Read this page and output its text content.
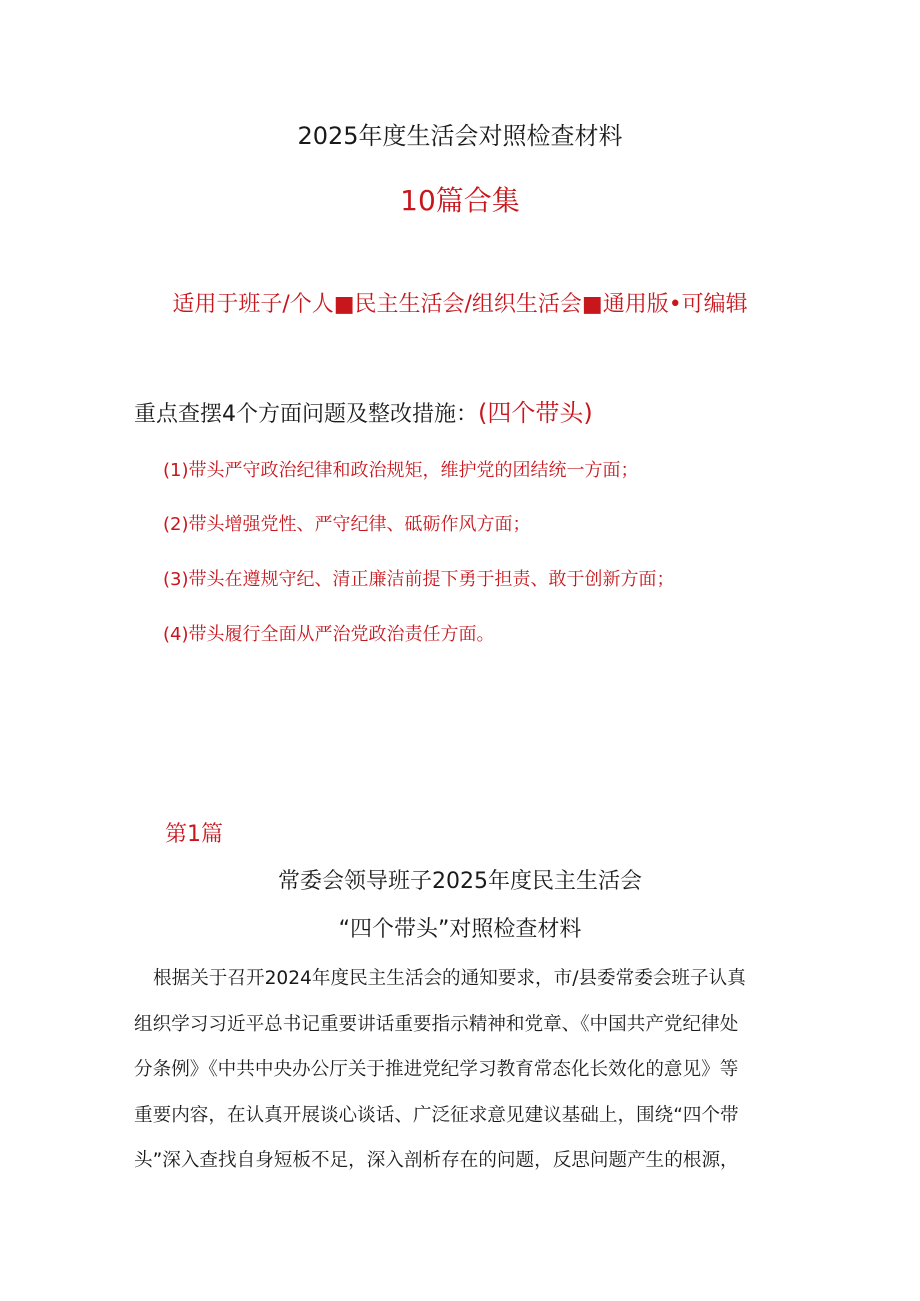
2025年度生活会对照检查材料
10篇合集
适用于班子/个人■民主生活会/组织生活会■通用版•可编辑
重点查摆4个方面问题及整改措施：(四个带头)
(1)带头严守政治纪律和政治规矩，维护党的团结统一方面；
(2)带头增强党性、严守纪律、砥砺作风方面；
(3)带头在遵规守纪、清正廉洁前提下勇于担责、敢于创新方面；
(4)带头履行全面从严治党政治责任方面。
第1篇
常委会领导班子2025年度民主生活会
“四个带头”对照检查材料

根据关于召开2024年度民主生活会的通知要求，市/县委常委会班子认真

组织学习习近平总书记重要讲话重要指示精神和党章、《中国共产党纪律处

分条例》《中共中央办公厅关于推进党纪学习教育常态化长效化的意见》等

重要内容，在认真开展谈心谈话、广泛征求意见建议基础上，围绕“四个带

头”深入查找自身短板不足，深入剖析存在的问题，反思问题产生的根源，
